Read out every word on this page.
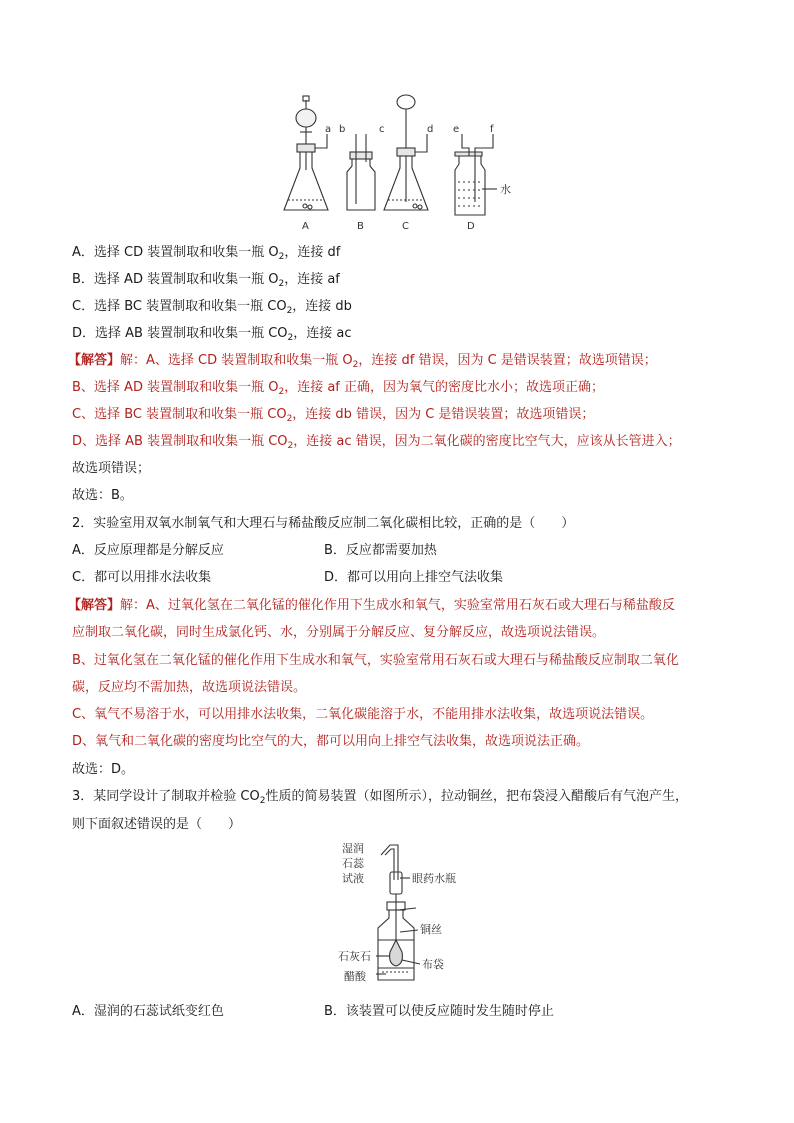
a b	c	d e	f
A	B	C	D
水
A．选择 CD 装置制取和收集一瓶 $O_2$，连接 df
B．选择 AD 装置制取和收集一瓶 $O_2$，连接 af
C．选择 BC 装置制取和收集一瓶 $CO_2$，连接 db
D．选择 AB 装置制取和收集一瓶 $CO_2$，连接 ac
【解答】解：A、选择 CD 装置制取和收集一瓶 $O_2$，连接 df 错误，因为 C 是错误装置；故选项错误；
B、选择 AD 装置制取和收集一瓶 $O_2$，连接 af 正确，因为氧气的密度比水小；故选项正确；
C、选择 BC 装置制取和收集一瓶 $CO_2$，连接 db 错误，因为 C 是错误装置；故选项错误；
D、选择 AB 装置制取和收集一瓶 $CO_2$，连接 ac 错误，因为二氧化碳的密度比空气大，应该从长管进入；
故选项错误；
故选：B。
2．实验室用双氧水制氧气和大理石与稀盐酸反应制二氧化碳相比较，正确的是（　　）
A．反应原理都是分解反应	B．反应都需要加热
C．都可以用排水法收集	D．都可以用向上排空气法收集
【解答】解：A、过氧化氢在二氧化锰的催化作用下生成水和氧气，实验室常用石灰石或大理石与稀盐酸反
应制取二氧化碳，同时生成氯化钙、水，分别属于分解反应、复分解反应，故选项说法错误。
B、过氧化氢在二氧化锰的催化作用下生成水和氧气，实验室常用石灰石或大理石与稀盐酸反应制取二氧化
碳，反应均不需加热，故选项说法错误。
C、氧气不易溶于水，可以用排水法收集，二氧化碳能溶于水，不能用排水法收集，故选项说法错误。
D、氧气和二氧化碳的密度均比空气的大，都可以用向上排空气法收集，故选项说法正确。
故选：D。
3．某同学设计了制取并检验 $CO_2$性质的简易装置（如图所示），拉动铜丝，把布袋浸入醋酸后有气泡产生，
则下面叙述错误的是（　　）
湿润
石蕊
试液	眼药水瓶
铜丝
石灰石
布袋
醋酸
A．湿润的石蕊试纸变红色	B．该装置可以使反应随时发生随时停止
